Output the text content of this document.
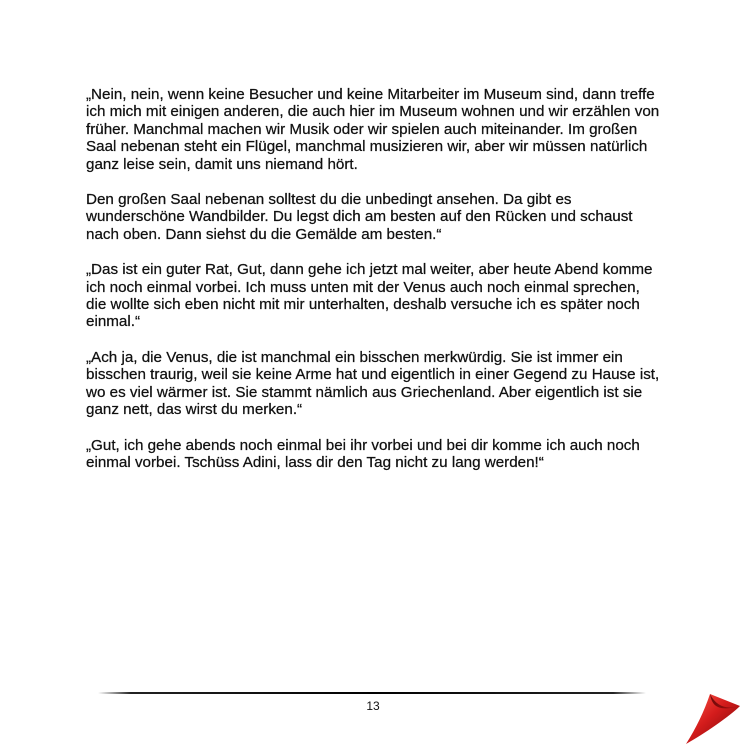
„Nein, nein, wenn keine Besucher und keine Mitarbeiter im Museum sind, dann treffe ich mich mit einigen anderen, die auch hier im Museum wohnen und wir erzählen von früher. Manchmal machen wir Musik oder wir spielen auch miteinander. Im großen Saal nebenan steht ein Flügel, manchmal musizieren wir, aber wir müssen natürlich ganz leise sein, damit uns niemand hört.

Den großen Saal nebenan solltest du die unbedingt ansehen. Da gibt es wunderschöne Wandbilder. Du legst dich am besten auf den Rücken und schaust nach oben. Dann siehst du die Gemälde am besten.“

„Das ist ein guter Rat, Gut, dann gehe ich jetzt mal weiter, aber heute Abend komme ich noch einmal vorbei. Ich muss unten mit der Venus auch noch einmal sprechen, die wollte sich eben nicht mit mir unterhalten, deshalb versuche ich es später noch einmal.“

„Ach ja, die Venus, die ist manchmal ein bisschen merkwürdig. Sie ist immer ein bisschen traurig, weil sie keine Arme hat und eigentlich in einer Gegend zu Hause ist, wo es viel wärmer ist. Sie stammt nämlich aus Griechenland. Aber eigentlich ist sie ganz nett, das wirst du merken.“

„Gut, ich gehe abends noch einmal bei ihr vorbei und bei dir komme ich auch noch einmal vorbei. Tschüss Adini, lass dir den Tag nicht zu lang werden!“

13
